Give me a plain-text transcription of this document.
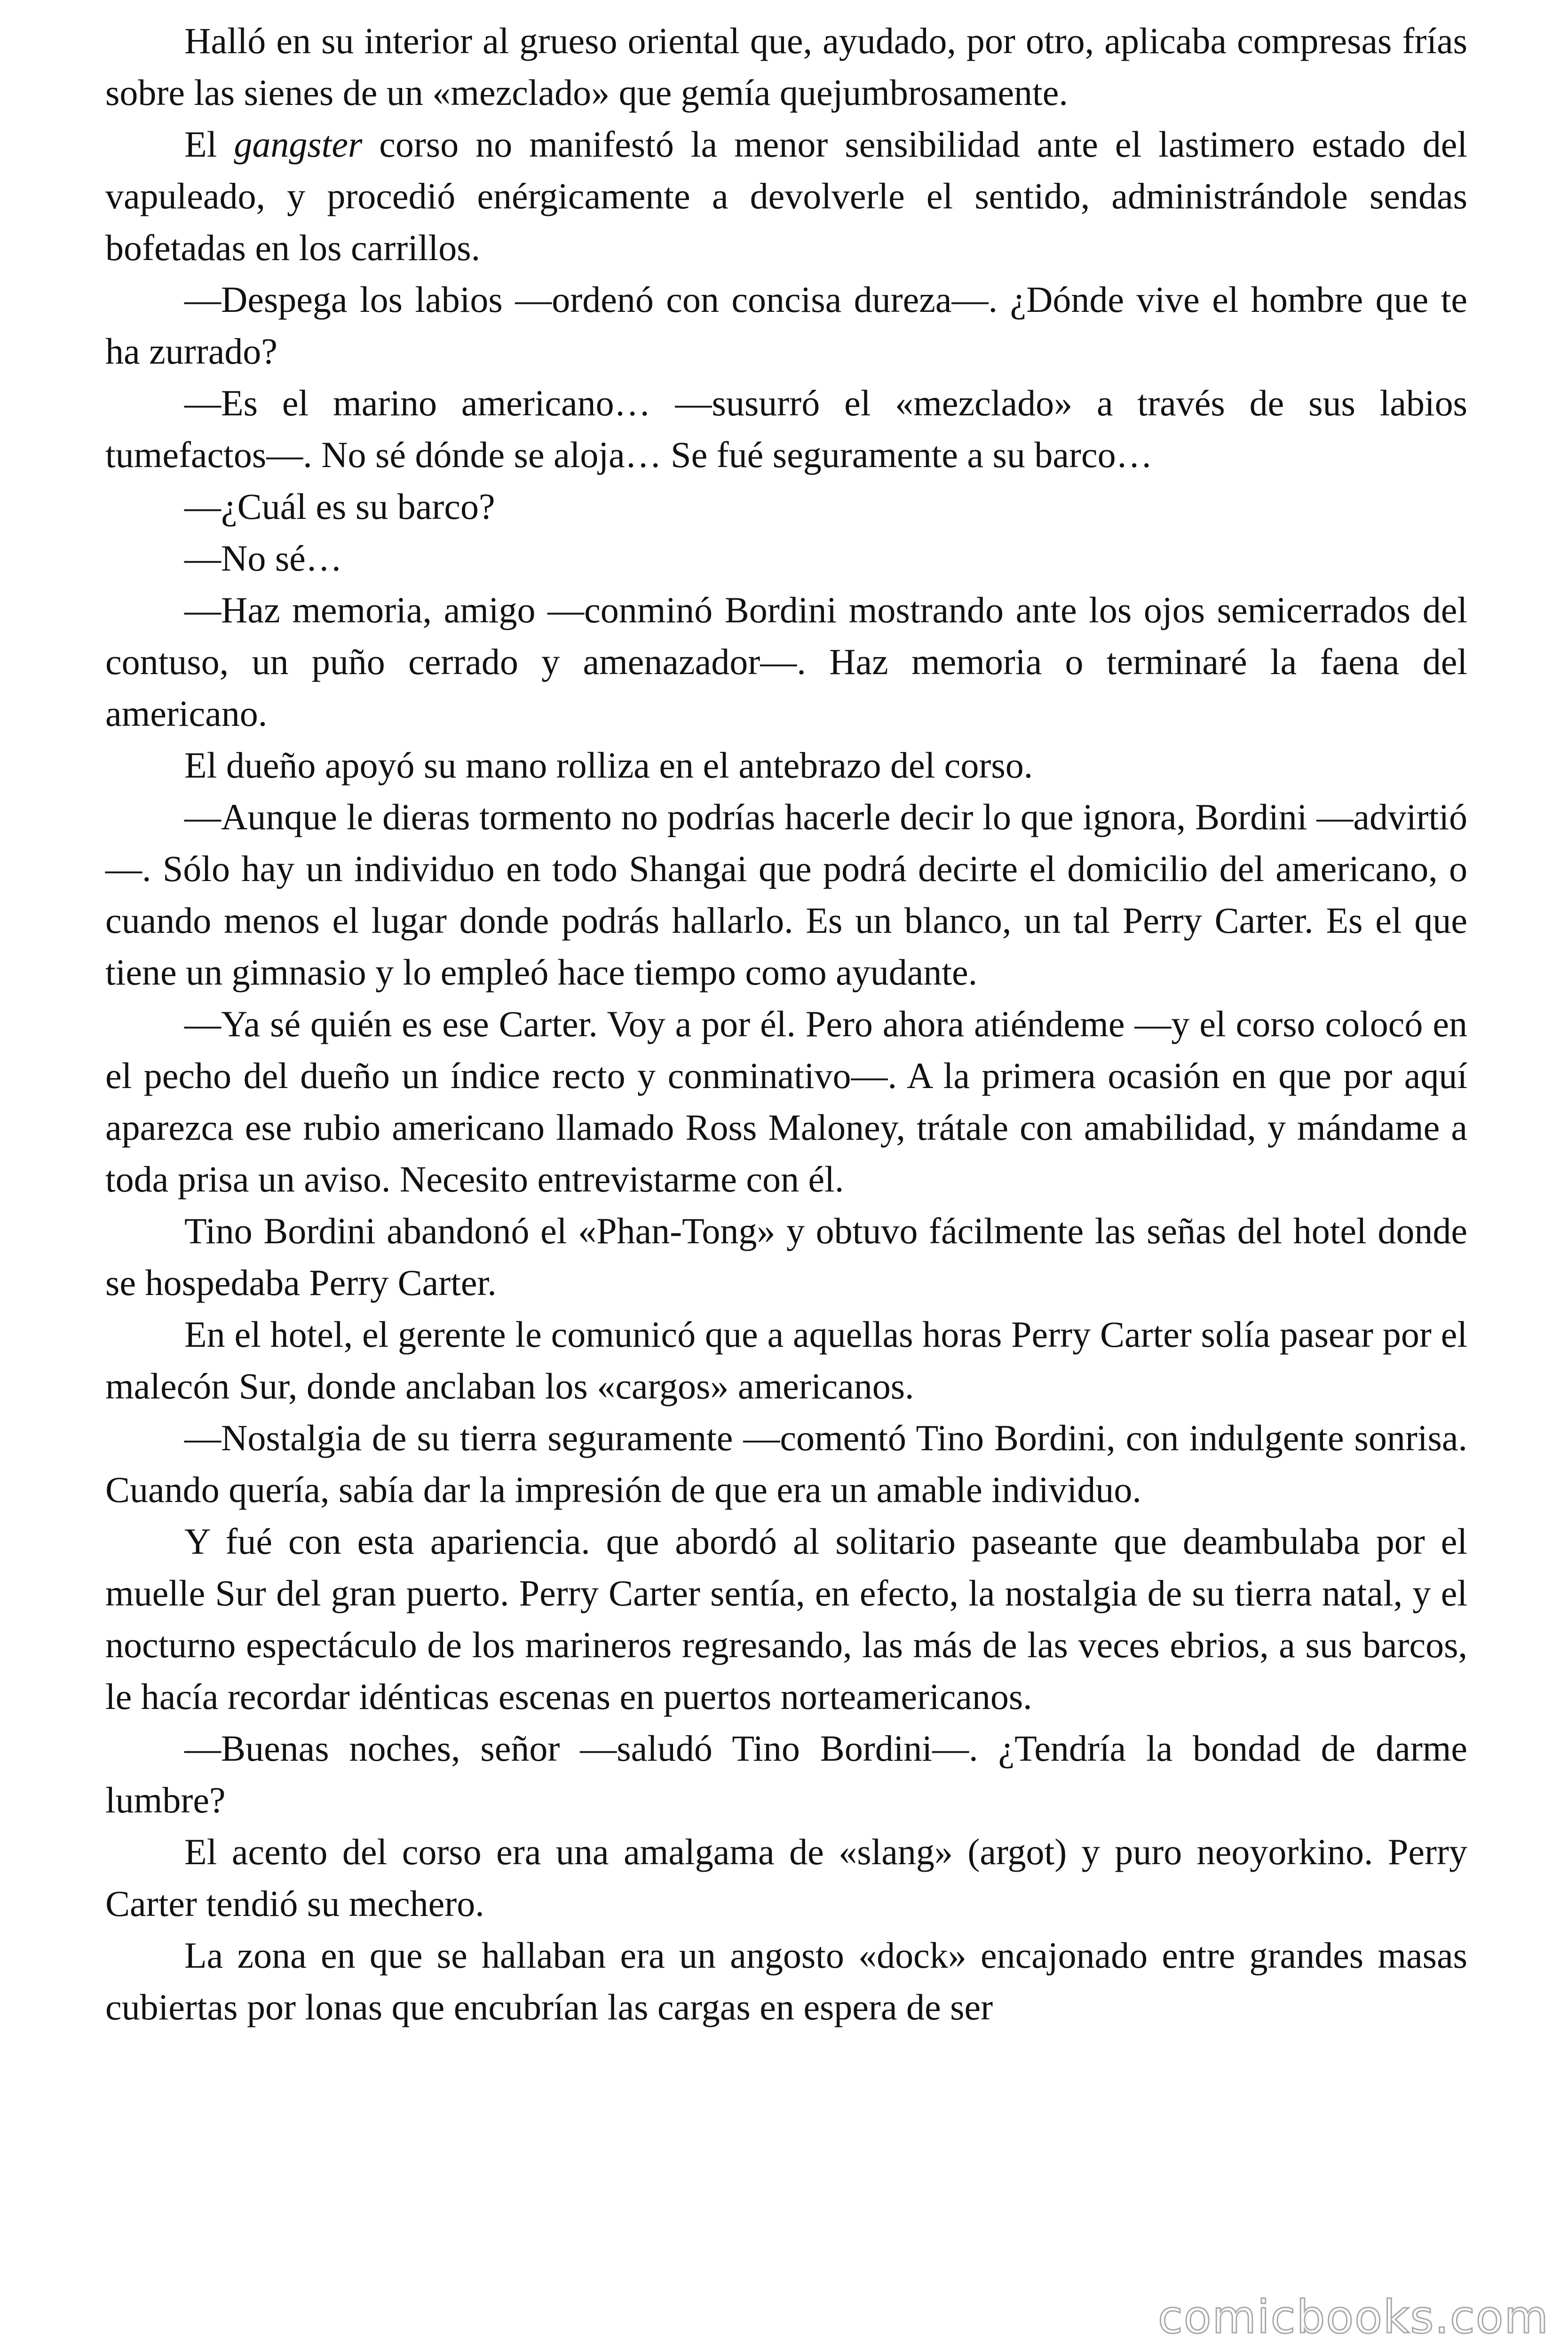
Halló en su interior al grueso oriental que, ayudado, por otro, aplicaba compresas frías sobre las sienes de un «mezclado» que gemía quejumbrosamente.

El gangster corso no manifestó la menor sensibilidad ante el lastimero estado del vapuleado, y procedió enérgicamente a devolverle el sentido, administrándole sendas bofetadas en los carrillos.

—Despega los labios —ordenó con concisa dureza—. ¿Dónde vive el hombre que te ha zurrado?

—Es el marino americano… —susurró el «mezclado» a través de sus labios tumefactos—. No sé dónde se aloja… Se fué seguramente a su barco…

—¿Cuál es su barco?

—No sé…

—Haz memoria, amigo —conminó Bordini mostrando ante los ojos semicerrados del contuso, un puño cerrado y amenazador—. Haz memoria o terminaré la faena del americano.

El dueño apoyó su mano rolliza en el antebrazo del corso.

—Aunque le dieras tormento no podrías hacerle decir lo que ignora, Bordini —advirtió—. Sólo hay un individuo en todo Shangai que podrá decirte el domicilio del americano, o cuando menos el lugar donde podrás hallarlo. Es un blanco, un tal Perry Carter. Es el que tiene un gimnasio y lo empleó hace tiempo como ayudante.

—Ya sé quién es ese Carter. Voy a por él. Pero ahora atiéndeme —y el corso colocó en el pecho del dueño un índice recto y conminativo—. A la primera ocasión en que por aquí aparezca ese rubio americano llamado Ross Maloney, trátale con amabilidad, y mándame a toda prisa un aviso. Necesito entrevistarme con él.

Tino Bordini abandonó el «Phan-Tong» y obtuvo fácilmente las señas del hotel donde se hospedaba Perry Carter.

En el hotel, el gerente le comunicó que a aquellas horas Perry Carter solía pasear por el malecón Sur, donde anclaban los «cargos» americanos.

—Nostalgia de su tierra seguramente —comentó Tino Bordini, con indulgente sonrisa. Cuando quería, sabía dar la impresión de que era un amable individuo.

Y fué con esta apariencia. que abordó al solitario paseante que deambulaba por el muelle Sur del gran puerto. Perry Carter sentía, en efecto, la nostalgia de su tierra natal, y el nocturno espectáculo de los marineros regresando, las más de las veces ebrios, a sus barcos, le hacía recordar idénticas escenas en puertos norteamericanos.

—Buenas noches, señor —saludó Tino Bordini—. ¿Tendría la bondad de darme lumbre?

El acento del corso era una amalgama de «slang» (argot) y puro neoyorkino. Perry Carter tendió su mechero.

La zona en que se hallaban era un angosto «dock» encajonado entre grandes masas cubiertas por lonas que encubrían las cargas en espera de ser

comicbooks.com
